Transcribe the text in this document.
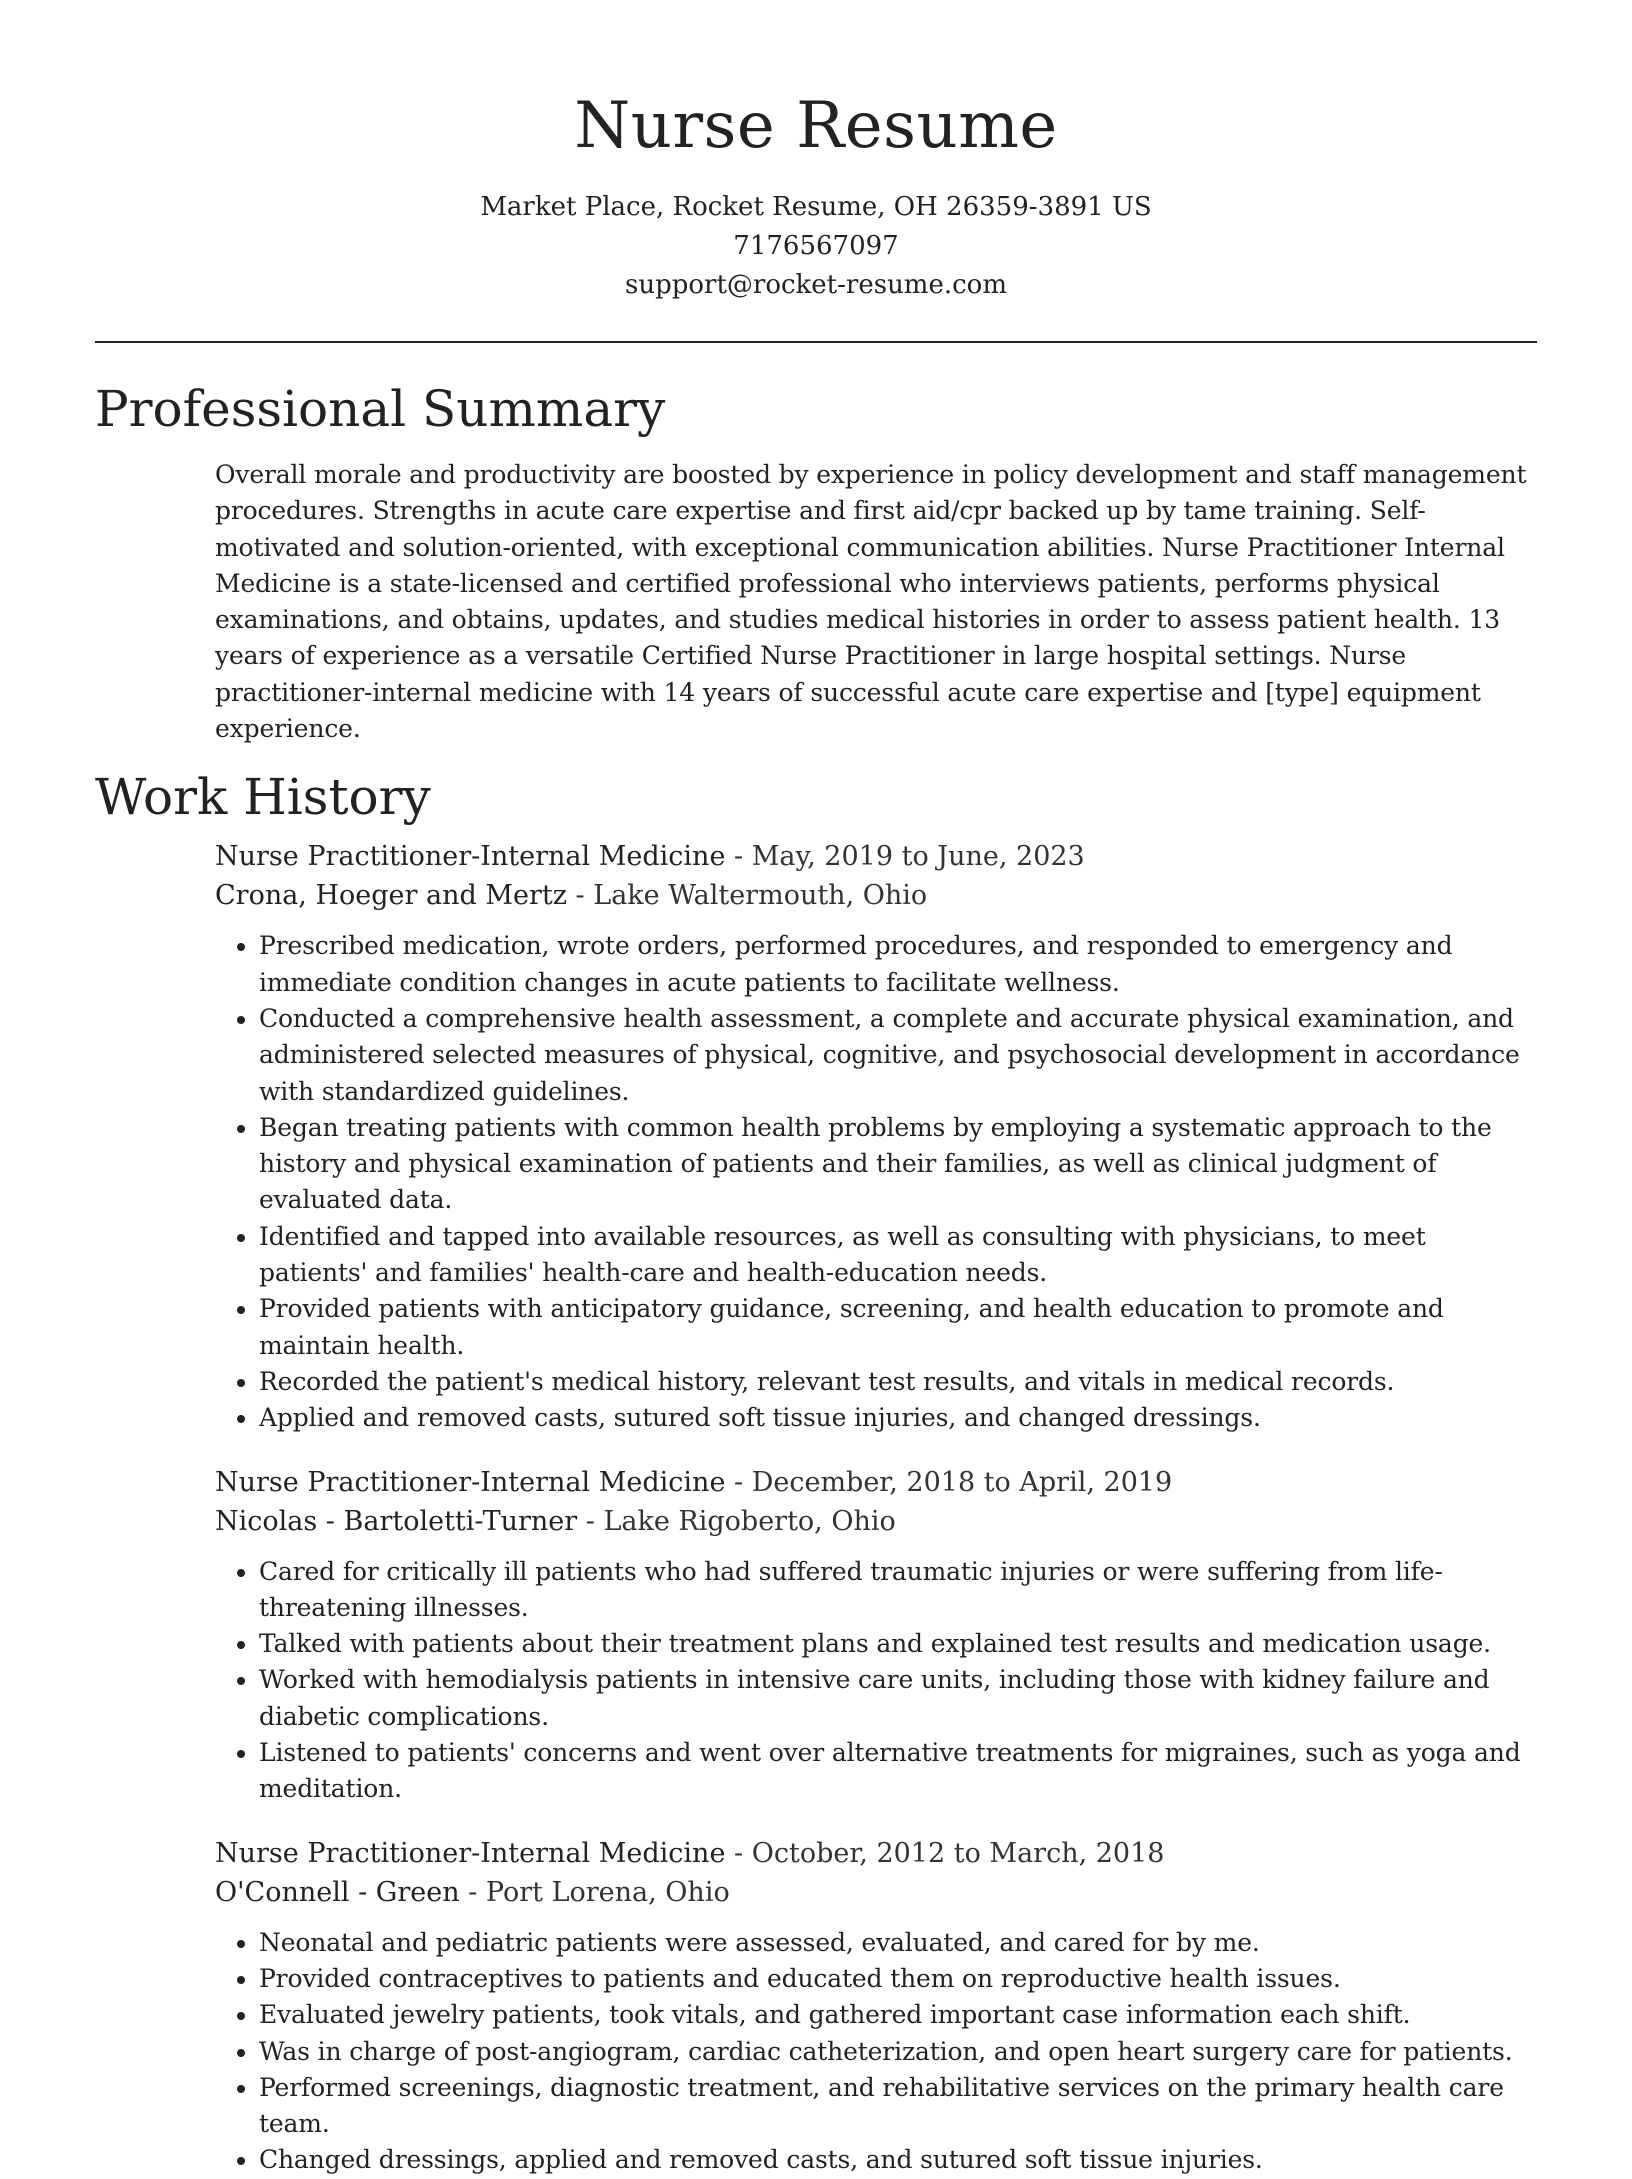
Nurse Resume

Market Place, Rocket Resume, OH 26359-3891 US

7176567097

support@rocket-resume.com

Professional Summary

Overall morale and productivity are boosted by experience in policy development and staff management procedures. Strengths in acute care expertise and first aid/cpr backed up by tame training. Self-motivated and solution-oriented, with exceptional communication abilities. Nurse Practitioner Internal Medicine is a state-licensed and certified professional who interviews patients, performs physical examinations, and obtains, updates, and studies medical histories in order to assess patient health. 13 years of experience as a versatile Certified Nurse Practitioner in large hospital settings. Nurse practitioner-internal medicine with 14 years of successful acute care expertise and [type] equipment experience.

Work History

Nurse Practitioner-Internal Medicine - May, 2019 to June, 2023

Crona, Hoeger and Mertz - Lake Waltermouth, Ohio

• Prescribed medication, wrote orders, performed procedures, and responded to emergency and immediate condition changes in acute patients to facilitate wellness.
• Conducted a comprehensive health assessment, a complete and accurate physical examination, and administered selected measures of physical, cognitive, and psychosocial development in accordance with standardized guidelines.
• Began treating patients with common health problems by employing a systematic approach to the history and physical examination of patients and their families, as well as clinical judgment of evaluated data.
• Identified and tapped into available resources, as well as consulting with physicians, to meet patients' and families' health-care and health-education needs.
• Provided patients with anticipatory guidance, screening, and health education to promote and maintain health.
• Recorded the patient's medical history, relevant test results, and vitals in medical records.
• Applied and removed casts, sutured soft tissue injuries, and changed dressings.

Nurse Practitioner-Internal Medicine - December, 2018 to April, 2019

Nicolas - Bartoletti-Turner - Lake Rigoberto, Ohio

• Cared for critically ill patients who had suffered traumatic injuries or were suffering from life-threatening illnesses.
• Talked with patients about their treatment plans and explained test results and medication usage.
• Worked with hemodialysis patients in intensive care units, including those with kidney failure and diabetic complications.
• Listened to patients' concerns and went over alternative treatments for migraines, such as yoga and meditation.

Nurse Practitioner-Internal Medicine - October, 2012 to March, 2018

O'Connell - Green - Port Lorena, Ohio

• Neonatal and pediatric patients were assessed, evaluated, and cared for by me.
• Provided contraceptives to patients and educated them on reproductive health issues.
• Evaluated jewelry patients, took vitals, and gathered important case information each shift.
• Was in charge of post-angiogram, cardiac catheterization, and open heart surgery care for patients.
• Performed screenings, diagnostic treatment, and rehabilitative services on the primary health care team.
• Changed dressings, applied and removed casts, and sutured soft tissue injuries.
